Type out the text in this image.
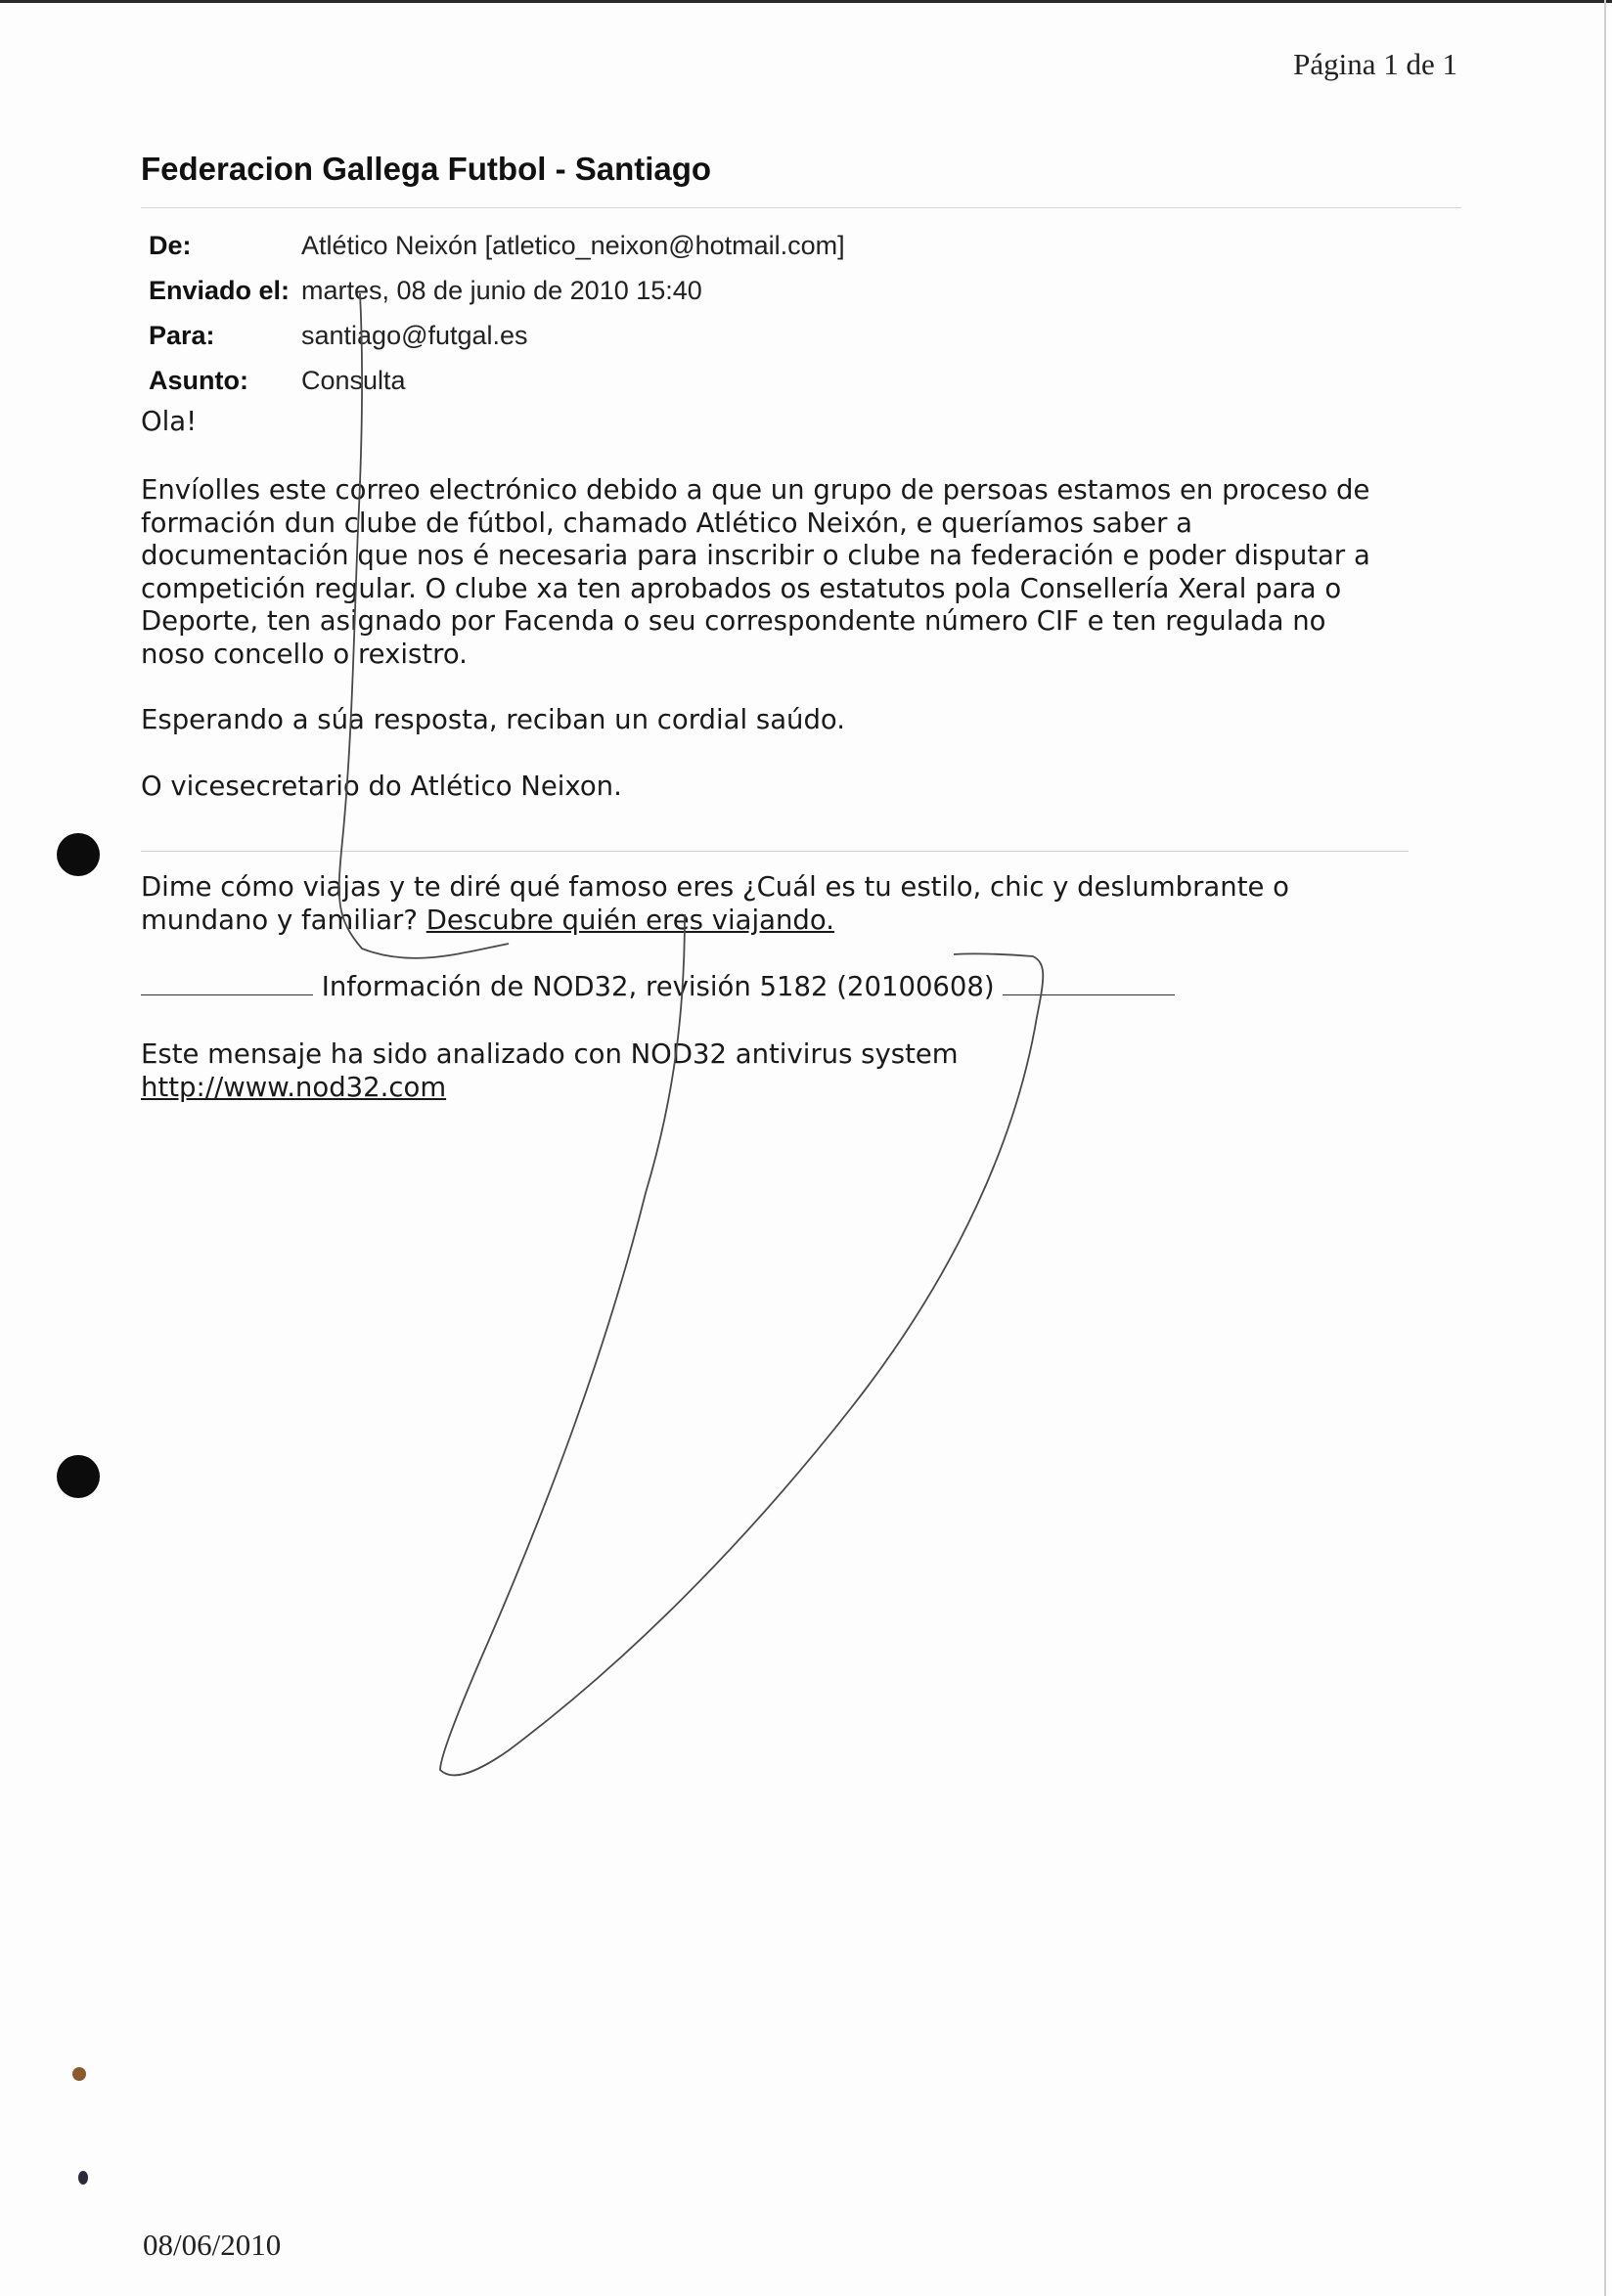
Página 1 de 1
Federacion Gallega Futbol - Santiago
De:	Atlético Neixón [atletico_neixon@hotmail.com]
Enviado el: martes, 08 de junio de 2010 15:40
Para:	santiago@futgal.es
Asunto: Consulta
Ola!
Envíolles este correo electrónico debido a que un grupo de persoas estamos en proceso de
formación dun clube de fútbol, chamado Atlético Neixón, e queríamos saber a
documentación que nos é necesaria para inscribir o clube na federación e poder disputar a
competición regular. O clube xa ten aprobados os estatutos pola Consellería Xeral para o
Deporte, ten asignado por Facenda o seu correspondente número CIF e ten regulada no
noso concello o rexistro.
Esperando a súa resposta, reciban un cordial saúdo.
O vicesecretario do Atlético Neixon.
Dime cómo viajas y te diré qué famoso eres ¿Cuál es tu estilo, chic y deslumbrante o
mundano y familiar? Descubre quién eres viajando.
Información de NOD32, revisión 5182 (20100608)
Este mensaje ha sido analizado con NOD32 antivirus system
http://www.nod32.com
08/06/2010
